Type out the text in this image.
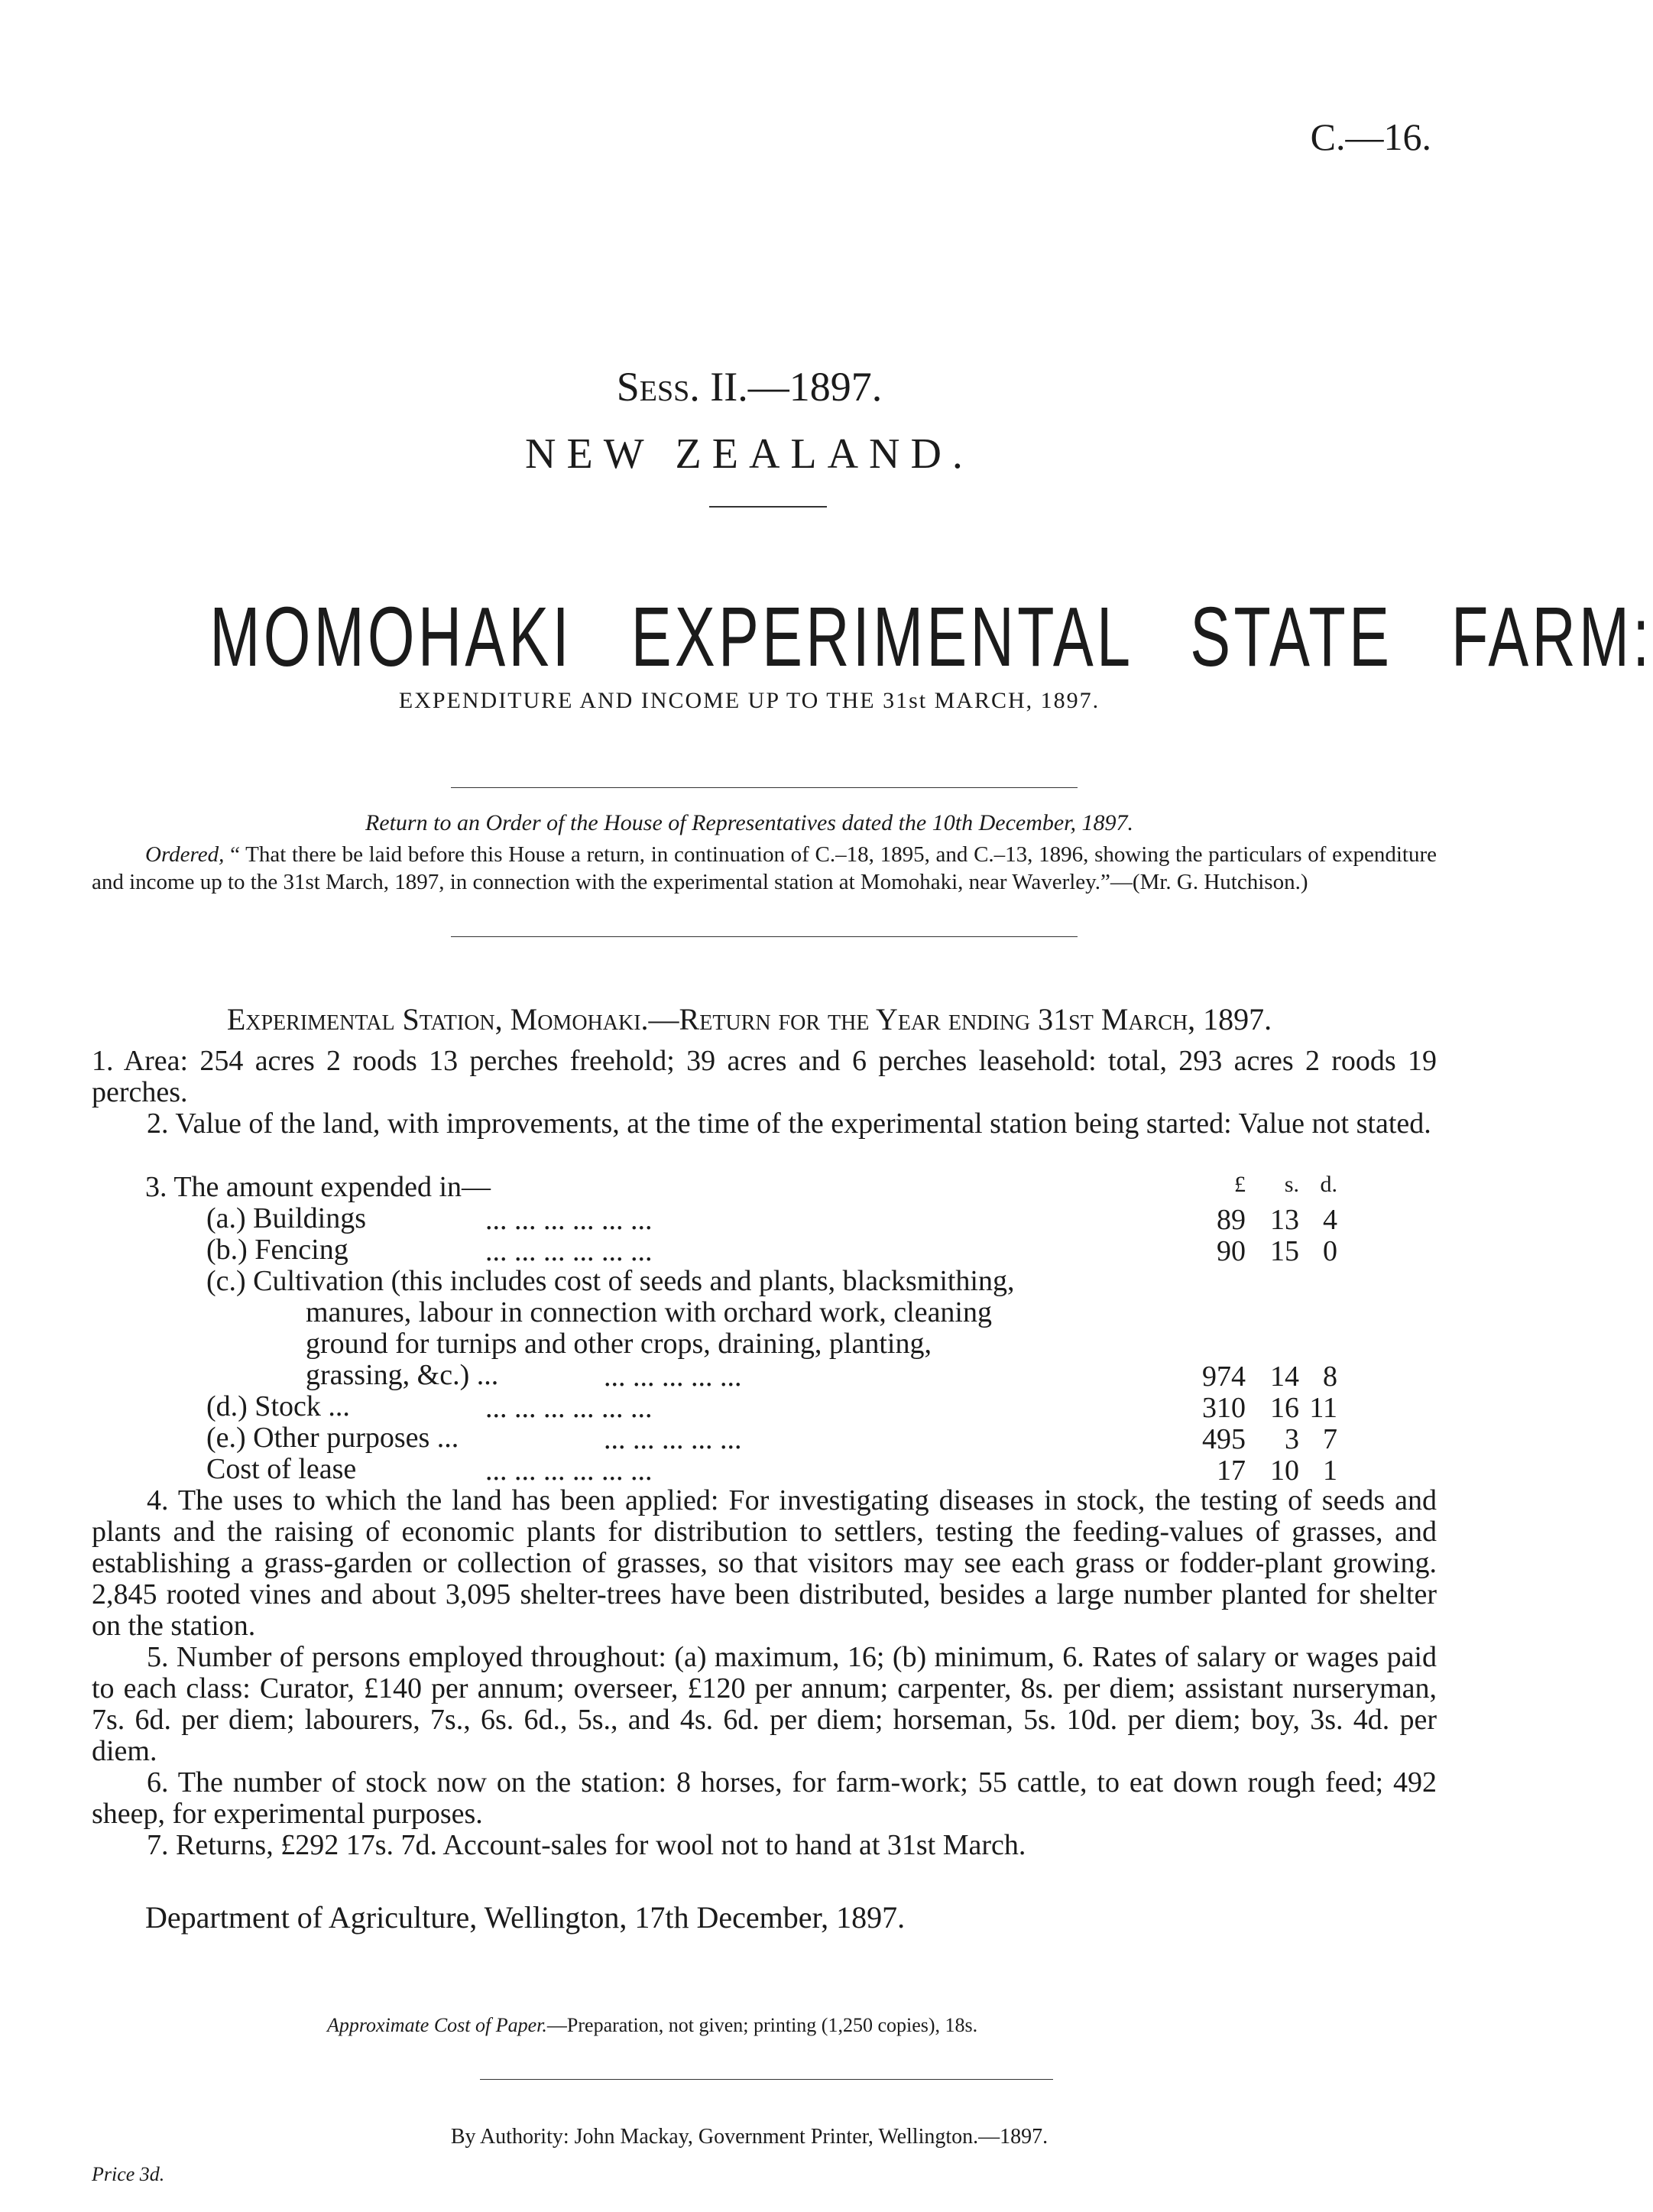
C.—16.
Sess. II.—1897.
NEW ZEALAND.
MOMOHAKI EXPERIMENTAL STATE FARM:
EXPENDITURE AND INCOME UP TO THE 31st MARCH, 1897.
Return to an Order of the House of Representatives dated the 10th December, 1897.
Ordered, “ That there be laid before this House a return, in continuation of C.–18, 1895, and C.–13, 1896, showing the particulars of expenditure and income up to the 31st March, 1897, in connection with the experimental station at Momohaki, near Waverley.”—(Mr. G. Hutchison.)
Experimental Station, Momohaki.—Return for the Year ending 31st March, 1897.
1. Area: 254 acres 2 roods 13 perches freehold; 39 acres and 6 perches leasehold: total, 293 acres 2 roods 19 perches.
2. Value of the land, with improvements, at the time of the experimental station being started: Value not stated.
3. The amount expended in—	£	s. d.
(a.) Buildings	... ... ... ... ... ...	89 13 4
(b.) Fencing	... ... ... ... ... ...	90 15 0
(c.) Cultivation (this includes cost of seeds and plants, blacksmithing,
manures, labour in connection with orchard work, cleaning
ground for turnips and other crops, draining, planting,
grassing, &c.) ...	... ... ... ... ...	974 14 8
(d.) Stock ...	... ... ... ... ... ...	310 16 11
(e.) Other purposes ...	... ... ... ... ...	495	3 7
Cost of lease	... ... ... ... ... ...	17 10 1
4. The uses to which the land has been applied: For investigating diseases in stock, the testing of seeds and plants and the raising of economic plants for distribution to settlers, testing the feeding-values of grasses, and establishing a grass-garden or collection of grasses, so that visitors may see each grass or fodder-plant growing. 2,845 rooted vines and about 3,095 shelter-trees have been distributed, besides a large number planted for shelter on the station.
5. Number of persons employed throughout: (a) maximum, 16; (b) minimum, 6. Rates of salary or wages paid to each class: Curator, £140 per annum; overseer, £120 per annum; carpenter, 8s. per diem; assistant nurseryman, 7s. 6d. per diem; labourers, 7s., 6s. 6d., 5s., and 4s. 6d. per diem; horseman, 5s. 10d. per diem; boy, 3s. 4d. per diem.
6. The number of stock now on the station: 8 horses, for farm-work; 55 cattle, to eat down rough feed; 492 sheep, for experimental purposes.
7. Returns, £292 17s. 7d. Account-sales for wool not to hand at 31st March.
Department of Agriculture, Wellington, 17th December, 1897.
Approximate Cost of Paper.—Preparation, not given; printing (1,250 copies), 18s.
By Authority: John Mackay, Government Printer, Wellington.—1897.
Price 3d.
